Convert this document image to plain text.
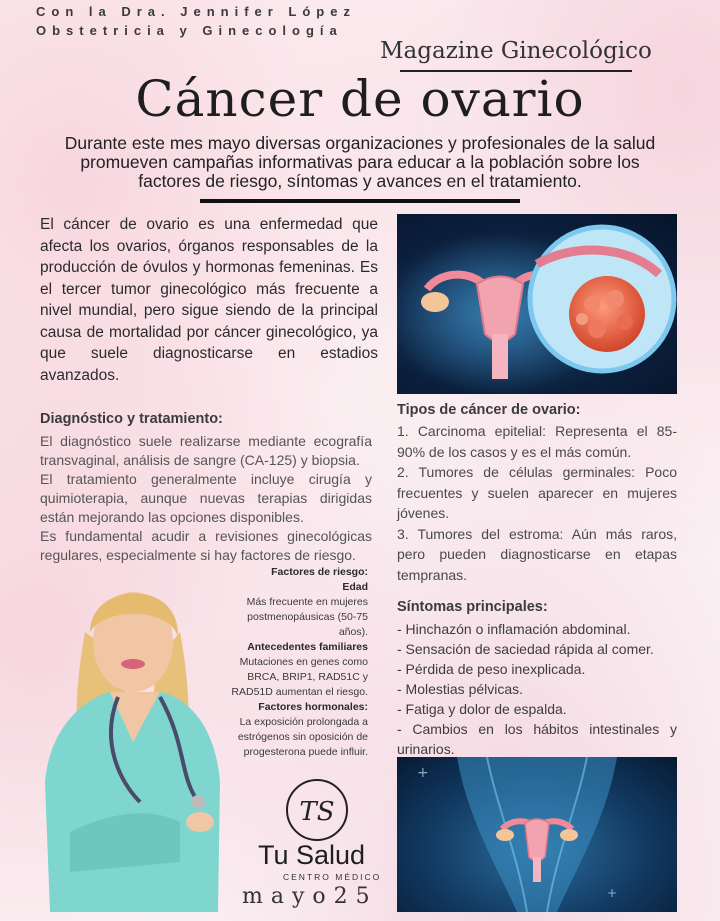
Con la Dra. Jennifer López
Obstetricia y Ginecología
Magazine Ginecológico
Cáncer de ovario
Durante este mes mayo diversas organizaciones y profesionales de la salud promueven campañas informativas para educar a la población sobre los factores de riesgo, síntomas y avances en el tratamiento.
El cáncer de ovario es una enfermedad que afecta los ovarios, órganos responsables de la producción de óvulos y hormonas femeninas. Es el tercer tumor ginecológico más frecuente a nivel mundial, pero sigue siendo de la principal causa de mortalidad por cáncer ginecológico, ya que suele diagnosticarse en estadios avanzados.
Diagnóstico y tratamiento:
El diagnóstico suele realizarse mediante ecografía transvaginal, análisis de sangre (CA-125) y biopsia.
El tratamiento generalmente incluye cirugía y quimioterapia, aunque nuevas terapias dirigidas están mejorando las opciones disponibles.
Es fundamental acudir a revisiones ginecológicas regulares, especialmente si hay factores de riesgo.
Tipos de cáncer de ovario:

1. Carcinoma epitelial: Representa el 85-90% de los casos y es el más común.

2. Tumores de células germinales: Poco frecuentes y suelen aparecer en mujeres jóvenes.

3. Tumores del estroma: Aún más raros, pero pueden diagnosticarse en etapas tempranas.

Síntomas principales:
- Hinchazón o inflamación abdominal.
- Sensación de saciedad rápida al comer.
- Pérdida de peso inexplicada.
- Molestias pélvicas.
- Fatiga y dolor de espalda.
- Cambios en los hábitos intestinales y urinarios.
+
+
Factores de riesgo:
Edad
Más frecuente en mujeres postmenopáusicas (50-75 años).
Antecedentes familiares
Mutaciones en genes como BRCA, BRIP1, RAD51C y RAD51D aumentan el riesgo.
Factores hormonales:
La exposición prolongada a estrógenos sin oposición de progesterona puede influir.
TS
Tu Salud
CENTRO MÉDICO
mayo25
